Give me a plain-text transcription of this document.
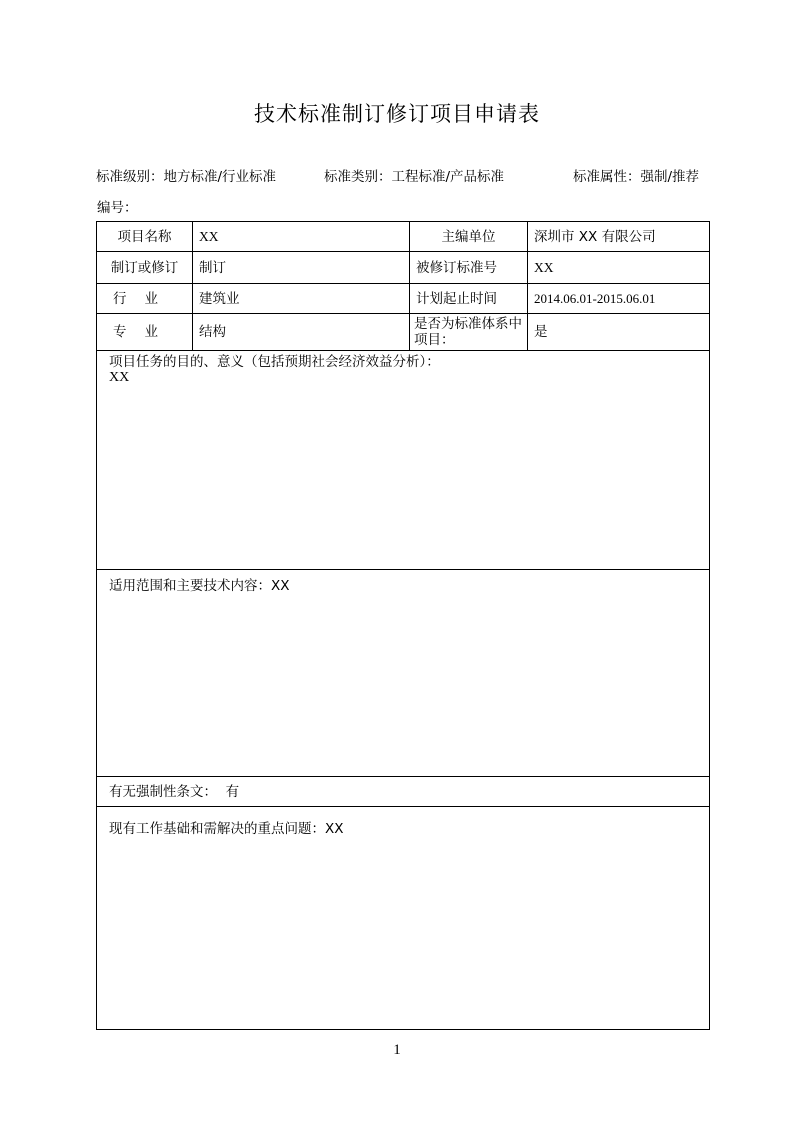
技术标准制订修订项目申请表
标准级别：地方标准/行业标准	标准类别：工程标准/产品标准	标准属性：强制/推荐
编号：
项目名称	XX	主编单位	深圳市 XX 有限公司
制订或修订	制订	被修订标准号	XX
行业	建筑业	计划起止时间	2014.06.01-2015.06.01
专业	结构	是否为标准体系中项目：	是

项目任务的目的、意义（包括预期社会经济效益分析）：
XX			

适用范围和主要技术内容：XX			
有无强制性条文：  有			
现有工作基础和需解决的重点问题：XX			
1
